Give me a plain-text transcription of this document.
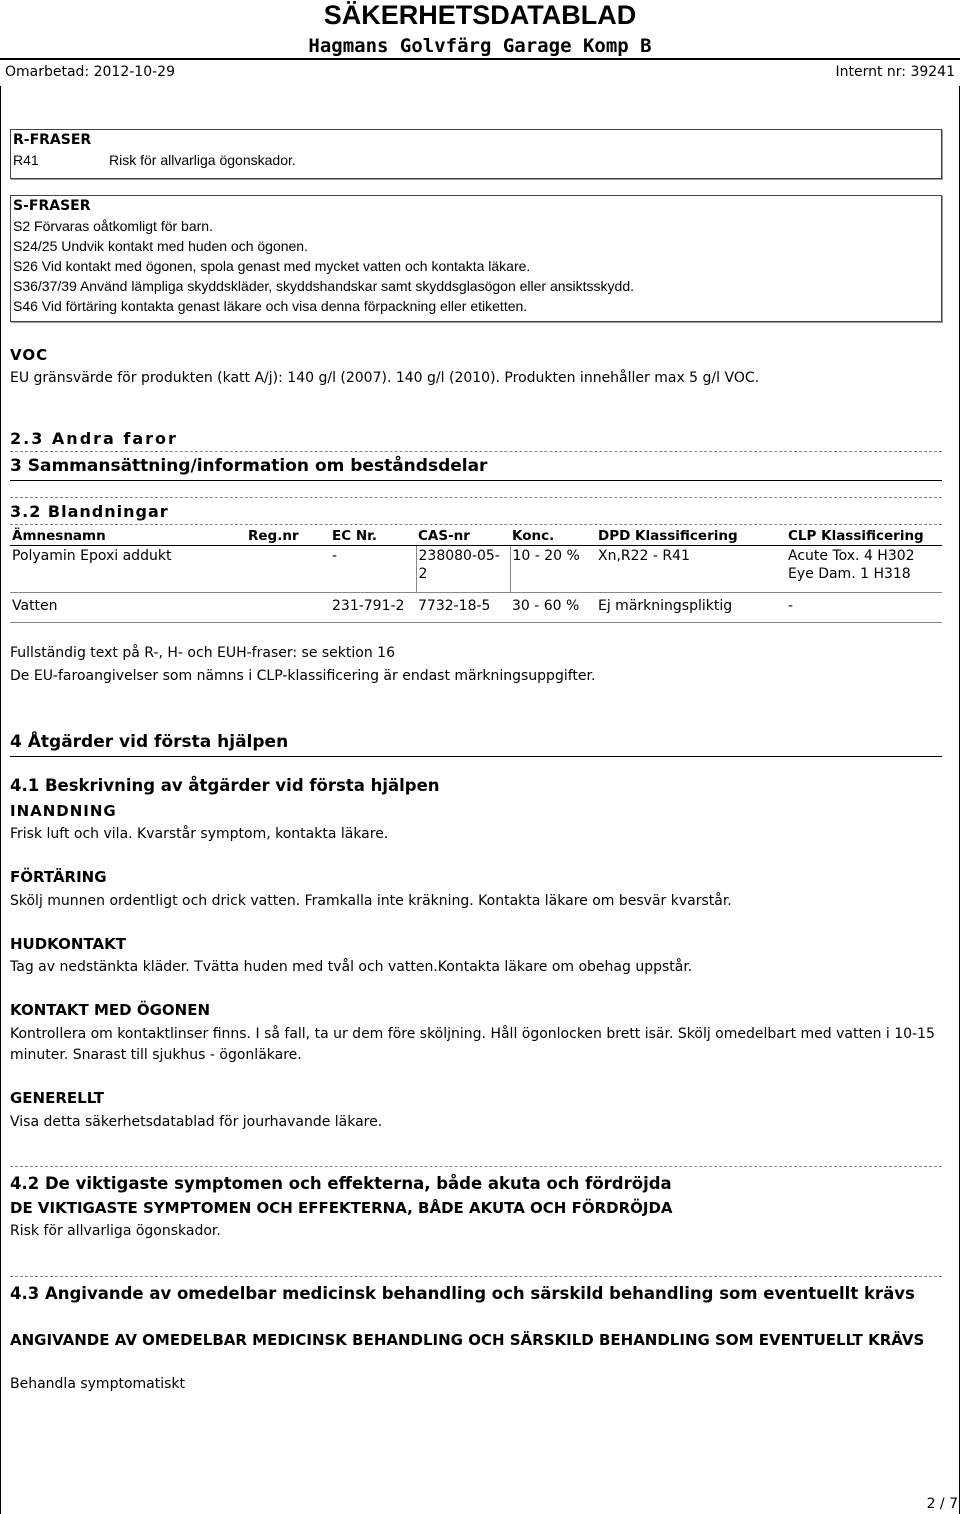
SÄKERHETSDATABLAD
Hagmans Golvfärg Garage Komp B
Omarbetad: 2012-10-29	Internt nr: 39241
R-FRASER
R41	Risk för allvarliga ögonskador.
S-FRASER
S2 Förvaras oåtkomligt för barn.
S24/25 Undvik kontakt med huden och ögonen.
S26 Vid kontakt med ögonen, spola genast med mycket vatten och kontakta läkare.
S36/37/39 Använd lämpliga skyddskläder, skyddshandskar samt skyddsglasögon eller ansiktsskydd.
S46 Vid förtäring kontakta genast läkare och visa denna förpackning eller etiketten.
VOC
EU gränsvärde för produkten (katt A/j): 140 g/l (2007). 140 g/l (2010). Produkten innehåller max 5 g/l VOC.
2.3 Andra faror
3 Sammansättning/information om beståndsdelar
3.2 Blandningar
Ämnesnamn	Reg.nr	EC Nr.	CAS-nr	Konc.	DPD Klassificering	CLP Klassificering
Polyamin Epoxi addukt		-	238080-05-2	10 - 20 %	Xn,R22 - R41	Acute Tox. 4 H302 Eye Dam. 1 H318
Vatten		231-791-2	7732-18-5	30 - 60 %	Ej märkningspliktig	-
Fullständig text på R-, H- och EUH-fraser: se sektion 16
De EU-faroangivelser som nämns i CLP-klassificering är endast märkningsuppgifter.
4 Åtgärder vid första hjälpen
4.1 Beskrivning av åtgärder vid första hjälpen
INANDNING
Frisk luft och vila. Kvarstår symptom, kontakta läkare.
FÖRTÄRING
Skölj munnen ordentligt och drick vatten. Framkalla inte kräkning. Kontakta läkare om besvär kvarstår.
HUDKONTAKT
Tag av nedstänkta kläder. Tvätta huden med tvål och vatten.Kontakta läkare om obehag uppstår.
KONTAKT MED ÖGONEN
Kontrollera om kontaktlinser finns. I så fall, ta ur dem före sköljning. Håll ögonlocken brett isär. Skölj omedelbart med vatten i 10-15 minuter. Snarast till sjukhus - ögonläkare.
GENERELLT
Visa detta säkerhetsdatablad för jourhavande läkare.
4.2 De viktigaste symptomen och effekterna, både akuta och fördröjda
DE VIKTIGASTE SYMPTOMEN OCH EFFEKTERNA, BÅDE AKUTA OCH FÖRDRÖJDA
Risk för allvarliga ögonskador.
4.3 Angivande av omedelbar medicinsk behandling och särskild behandling som eventuellt krävs
ANGIVANDE AV OMEDELBAR MEDICINSK BEHANDLING OCH SÄRSKILD BEHANDLING SOM EVENTUELLT KRÄVS
Behandla symptomatiskt
2 / 7
